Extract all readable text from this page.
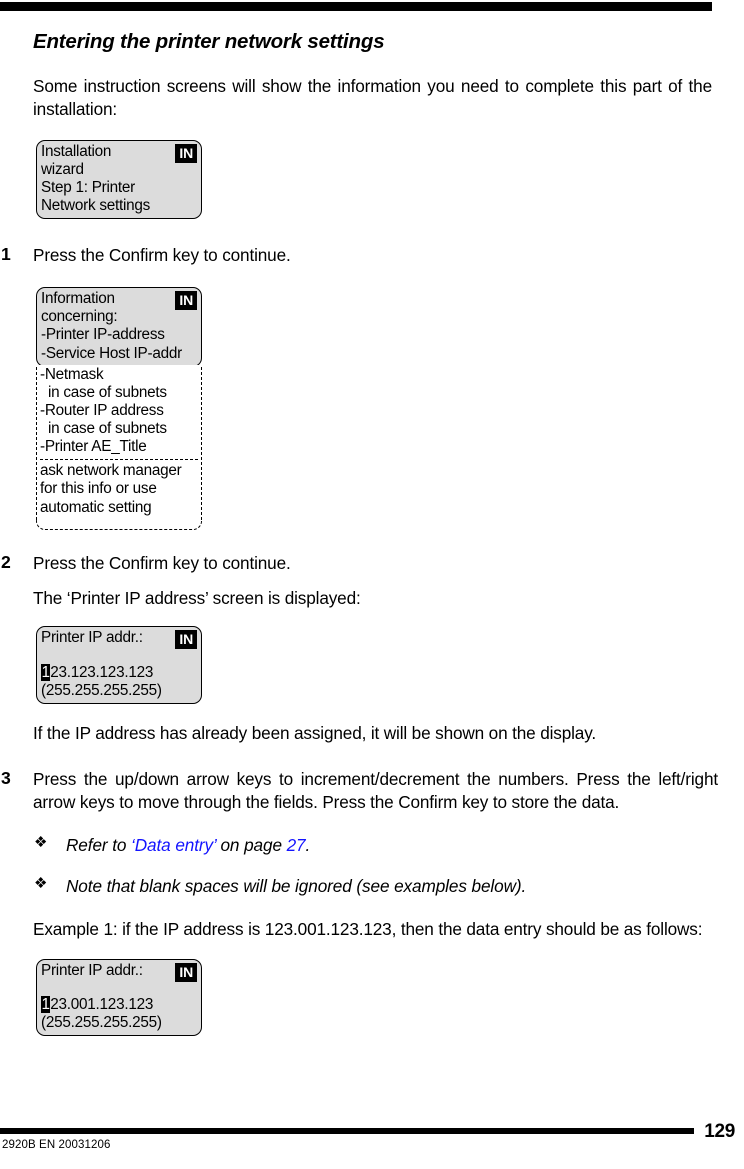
Entering the printer network settings

Some instruction screens will show the information you need to complete this part of the installation:

IN
Installation
wizard
Step 1: Printer
Network settings
1 Press the Confirm key to continue.
IN
Information
concerning:
-Printer IP-address
-Service Host IP-addr
-Netmask
in case of subnets
-Router IP address
in case of subnets
-Printer AE_Title
ask network manager
for this info or use
automatic setting
2 Press the Confirm key to continue.
The ‘Printer IP address’ screen is displayed:
IN
Printer IP addr.:
123.123.123.123
(255.255.255.255)

If the IP address has already been assigned, it will be shown on the display.

3 Press the up/down arrow keys to increment/decrement the numbers. Press the left/right arrow keys to move through the fields. Press the Confirm key to store the data.
❖ Refer to ‘Data entry’ on page 27.
❖ Note that blank spaces will be ignored (see examples below).

Example 1: if the IP address is 123.001.123.123, then the data entry should be as follows:

IN
Printer IP addr.:
123.001.123.123
(255.255.255.255)
129
2920B EN 20031206
